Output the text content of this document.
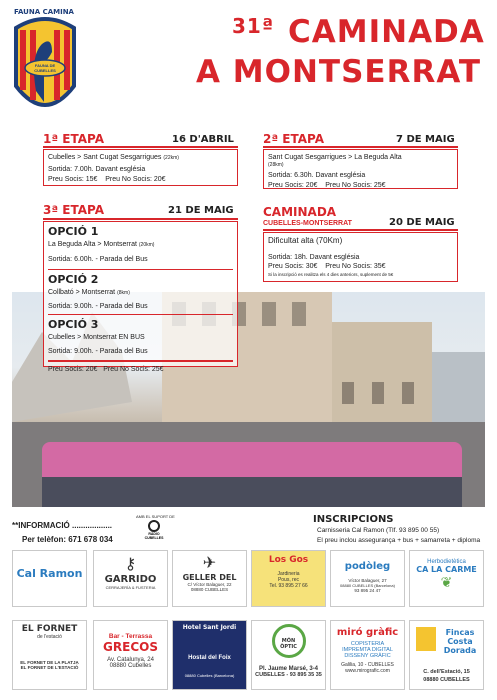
FAUNA CAMINA
FAUNA DE CUBELLES
31ª CAMINADA
A MONTSERRAT
1ª ETAPA	16 D'ABRIL
Cubelles > Sant Cugat Sesgarrigues (22km)
Sortida: 7.00h. Davant església
Preu Socis: 15€ Preu No Socis: 20€
2ª ETAPA	7 DE MAIG
Sant Cugat Sesgarrigues > La Beguda Alta
(28km)
Sortida: 6.30h. Davant església
Preu Socis: 20€ Preu No Socis: 25€
3ª ETAPA	21 DE MAIG
OPCIÓ 1
La Beguda Alta > Montserrat (20km)
Sortida: 6.00h. - Parada del Bus
OPCIÓ 2
Collbató > Montserrat (8km)
Sortida: 9.00h. - Parada del Bus
OPCIÓ 3
Cubelles > Montserrat EN BUS
Sortida: 9.00h. - Parada del Bus
Preu Socis: 20€ Preu No Socis: 25€
CAMINADA
CUBELLES-MONTSERRAT	20 DE MAIG
Dificultat alta (70Km)
Sortida: 18h. Davant església
Preu Socis: 30€ Preu No Socis: 35€
Si la inscripció es realitza els 4 dies anteriors, suplement de 5€
**INFORMACIÓ ..................
Per telèfon: 671 678 034
AMB EL SUPORT DE
RÀDIO CUBELLES
INSCRIPCIONS
Carnisseria Cal Ramon (Tlf. 93 895 00 55)
El preu inclou assegurança + bus + samarreta + diploma
Cal Ramon
⚷
GARRIDO
CERRAJERÍA & FUSTERIA
✈
GELLER DEL
C/ Víctor Balaguer, 22
08880 CUBELLES
Los Gos
Jardineria
Pous, rec
Tel. 93 895 27 66
podòleg
Víctor Balaguer, 27
08880 CUBELLES (Barcelona)
93 895 24 47
Herbodietètica
CA LA CARME
❦
EL FORNET
de l'estació
EL FORNET DE LA PLATJA
EL FORNET DE L'ESTACIÓ
Bar - Terrassa
GRECOS
Av. Catalunya, 24
08880 Cubelles
Hotel Sant Jordi
Hostal del Foix
08880 Cubelles (Barcelona)
MÓN ÒPTIC
Pl. Jaume Marsé, 3-4
CUBELLES - 93 895 35 35
miró gràfic
COPISTERIA
IMPREMTA DIGITAL
DISSENY GRÀFIC
Galilia, 10 - CUBELLES
www.mirografic.com
Fincas Costa Dorada
C. dell'Estació, 15
08880 CUBELLES
